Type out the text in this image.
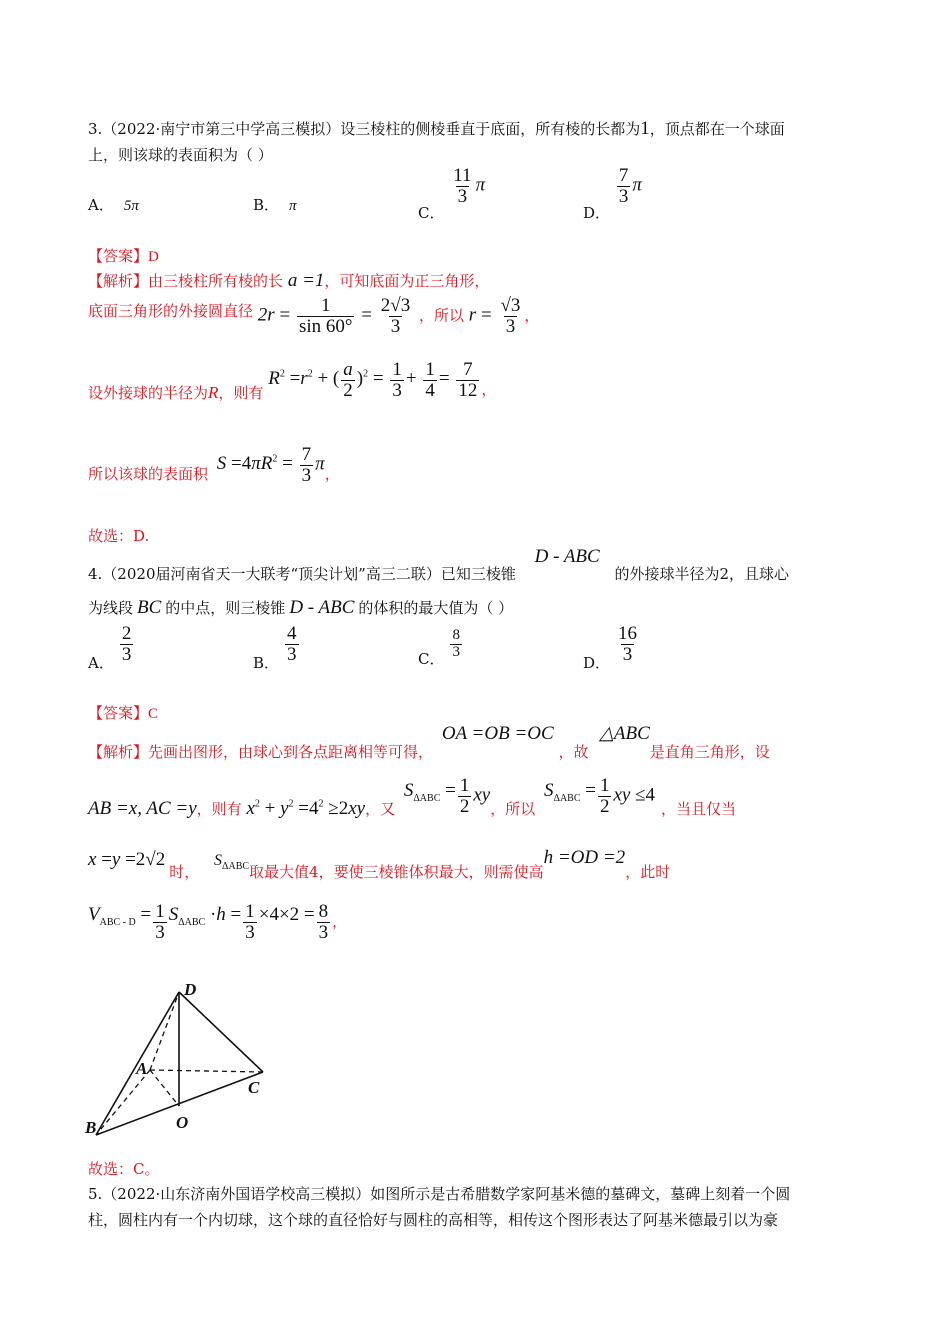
3.（2022·南宁市第三中学高三模拟）设三棱柱的侧棱垂直于底面，所有棱的长都为1，顶点都在一个球面
上，则该球的表面积为（ ）
A． 5π	B． π	C．
$\frac{11}{3}$ π
D．
$\frac{7}{3}$ π
【答案】D
【解析】由三棱柱所有棱的长 a =1，可知底面为正三角形，
底面三角形的外接圆直径 $2r = \frac{1}{\sin 60^\circ} = \frac{2√3}{3}$ ，所以 $r = \frac{√3}{3}$ ，
设外接球的半径为R，则有 $R^2 =r^2$ + ( $\frac{a}{2} )^2 = \frac{1}{3} + \frac{1}{4} = \frac{7}{12}$ ，
所以该球的表面积 $S =4\pi R^2 = \frac{7}{3}$ π，
故选：D.
4.（2020届河南省天一大联考“顶尖计划”高三二联）已知三棱锥 D - ABC 的外接球半径为2，且球心
为线段 BC 的中点，则三棱锥 D - ABC 的体积的最大值为（ ）
A． $\frac{2}{3}$	B． $\frac{4}{3}$	C． $\frac{8}{3}$
D． $\frac{16}{3}$
【答案】C
【解析】先画出图形，由球心到各点距离相等可得， OA =OB =OC ，故 △ABC是直角三角形，设
AB =x, AC =y，则有 $x^2 + y^2 =4^2 \ge 2xy$，又 $S_{\Delta ABC} = \frac{1}{2}$ xy，所以 $S_{\Delta ABC} = \frac{1}{2}$ xy ≤4，当且仅当
x =y =2√2时， $S_{\Delta ABC}$取最大值4，要使三棱锥体积最大，则需使高h =OD =2，此时
$V_{ABC - D} = \frac{1}{3} S_{\Delta ABC} \cdot h = \frac{1}{3} \times 4\times 2 = \frac{8}{3}$ ，
D
A
C
B	O
故选：C。
5.（2022·山东济南外国语学校高三模拟）如图所示是古希腊数学家阿基米德的墓碑文，墓碑上刻着一个圆
柱，圆柱内有一个内切球，这个球的直径恰好与圆柱的高相等，相传这个图形表达了阿基米德最引以为豪
